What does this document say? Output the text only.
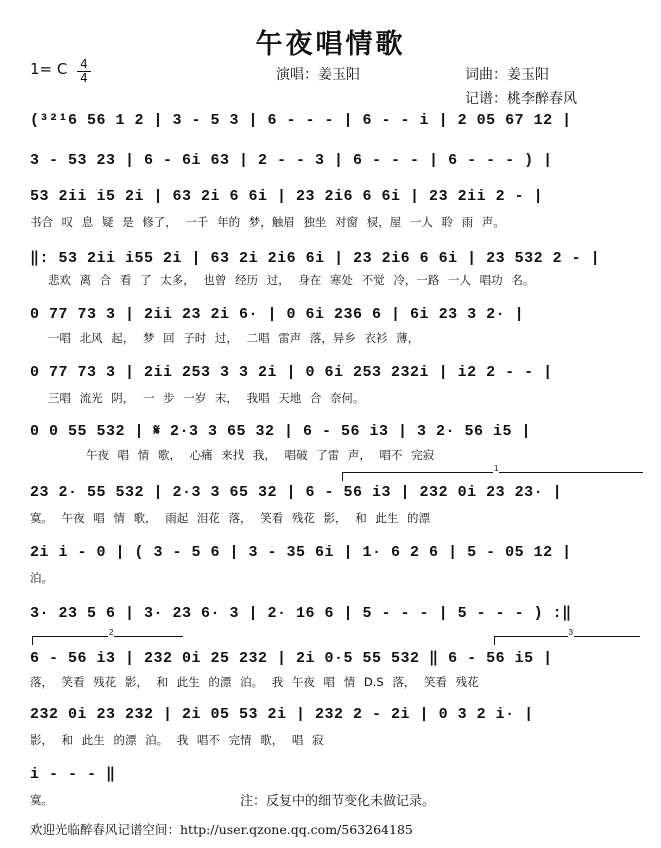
午夜唱情歌
1= C 4
4	演唱：姜玉阳	词曲：姜玉阳
记谱：桃李醉春风
1
2	3
(³²¹6 56 1 2 | 3 - 5 3 | 6 - - - | 6 - - i | 2 05 67 12 |
3 - 53 23 | 6 - 6i 63 | 2 - - 3 | 6 - - - | 6 - - - ) |
53 2ii i5 2i | 63 2i 6 6i | 23 2i6 6 6i | 23 2ii 2 - |
书合 叹 息 疑 是 修了， 一千 年的 梦，触眉 独坐 对窗 棂，屋 一人 聆 雨 声。
‖: 53 2ii i55 2i | 63 2i 2i6 6i | 23 2i6 6 6i | 23 532 2 - |
悲欢 离 合 看 了 太多， 也曾 经历 过， 身在 寒处 不觉 冷，一路 一人 唱功 名。
0 77 73 3 | 2ii 23 2i 6· | 0 6i 236 6 | 6i 23 3 2· |
一唱 北风 起， 梦 回 子时 过， 二唱 雷声 落，异乡 衣衫 薄，
0 77 73 3 | 2ii 253 3 3 2i | 0 6i 253 232i | i2 2 - - |
三唱 流光 阴， 一 步 一岁 末， 我唱 天地 合 奈何。
0 0 55 532 | 𝄋 2·3 3 65 32 | 6 - 56 i3 | 3 2· 56 i5 |
午夜 唱 情 歌， 心痛 来找 我， 唱破 了雷 声， 唱不 完寂
23 2· 55 532 | 2·3 3 65 32 | 6 - 56 i3 | 232 0i 23 23· |
寞。 午夜 唱 情 歌， 雨起 泪花 落， 笑看 残花 影， 和 此生 的漂
2i i - 0 | ( 3 - 5 6 | 3 - 35 6i | 1· 6 2 6 | 5 - 05 12 |
泊。
3· 23 5 6 | 3· 23 6· 3 | 2· 16 6 | 5 - - - | 5 - - - ) :‖
6 - 56 i3 | 232 0i 25 232 | 2i 0·5 55 532 ‖ 6 - 56 i5 |
落， 笑看 残花 影， 和 此生 的漂 泊。 我 午夜 唱 情 D.S 落， 笑看 残花
232 0i 23 232 | 2i 05 53 2i | 232 2 - 2i | 0 3 2 i· |
影， 和 此生 的漂 泊。 我 唱不 完情 歌， 唱 寂
i - - - ‖
寞。	注：反复中的细节变化未做记录。
欢迎光临醉春风记谱空间：http://user.qzone.qq.com/563264185
